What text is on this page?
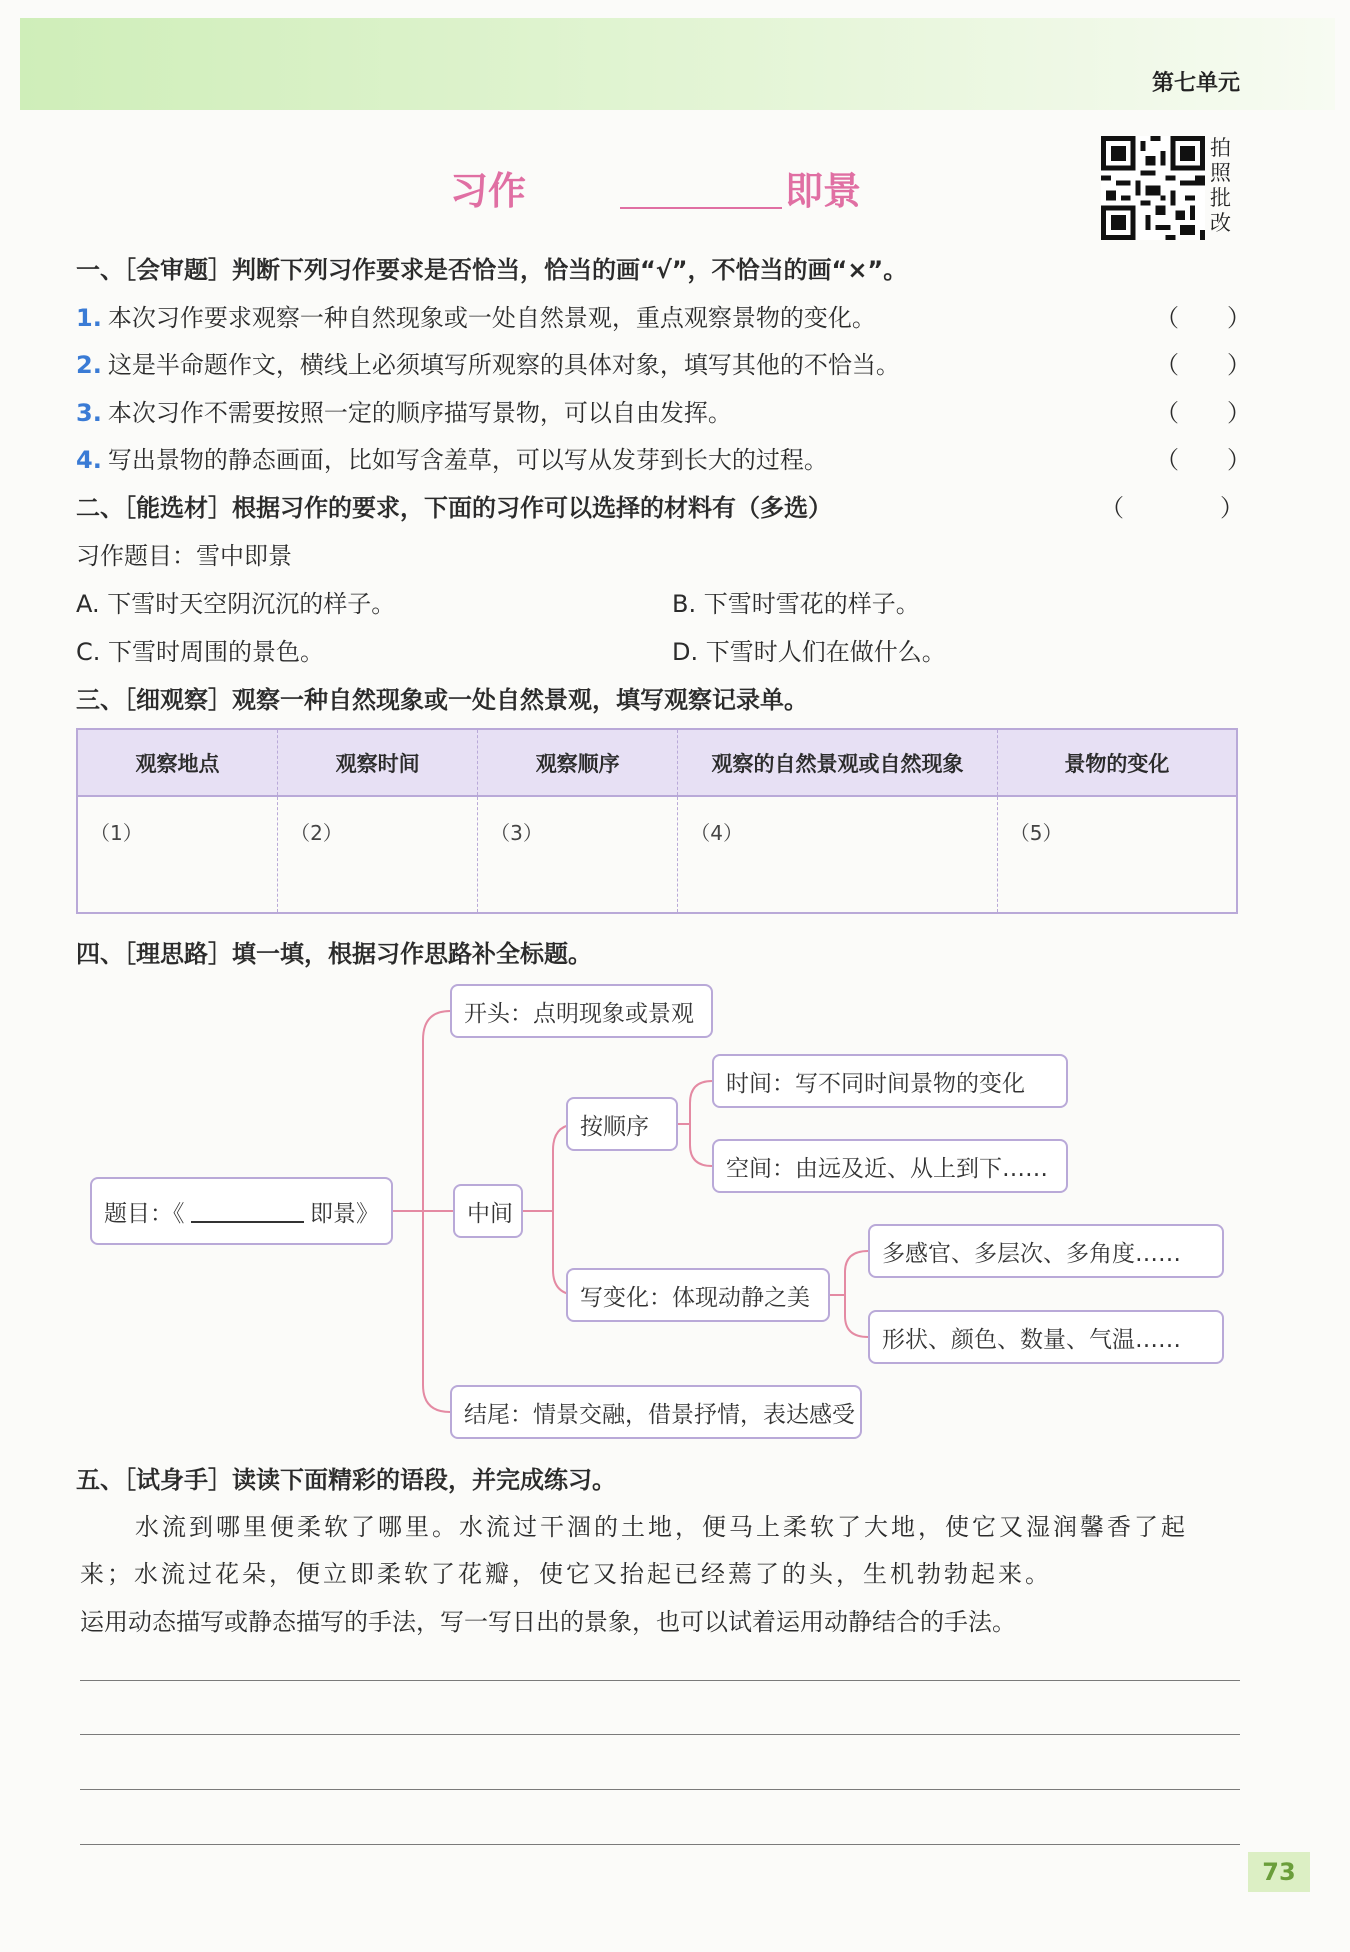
第七单元
习作	即景
拍照批改
一、［会审题］判断下列习作要求是否恰当，恰当的画“√”，不恰当的画“×”。
1. 本次习作要求观察一种自然现象或一处自然景观，重点观察景物的变化。	（　　）
2. 这是半命题作文，横线上必须填写所观察的具体对象，填写其他的不恰当。	（　　）
3. 本次习作不需要按照一定的顺序描写景物，可以自由发挥。	（　　）
4. 写出景物的静态画面，比如写含羞草，可以写从发芽到长大的过程。	（　　）
二、［能选材］根据习作的要求，下面的习作可以选择的材料有（多选）	（　　　　）
习作题目：雪中即景
A. 下雪时天空阴沉沉的样子。	B. 下雪时雪花的样子。
C. 下雪时周围的景色。	D. 下雪时人们在做什么。
三、［细观察］观察一种自然现象或一处自然景观，填写观察记录单。
观察地点	观察时间	观察顺序	观察的自然景观或自然现象	景物的变化
（1）	（2）	（3）	（4）	（5）
四、［理思路］填一填，根据习作思路补全标题。
题目：《	即景》
开头：点明现象或景观
中间
按顺序
时间：写不同时间景物的变化
空间：由远及近、从上到下……
写变化：体现动静之美
多感官、多层次、多角度……
形状、颜色、数量、气温……
结尾：情景交融，借景抒情，表达感受
五、［试身手］读读下面精彩的语段，并完成练习。
水流到哪里便柔软了哪里。水流过干涸的土地，便马上柔软了大地，使它又湿润馨香了起
来；水流过花朵，便立即柔软了花瓣，使它又抬起已经蔫了的头，生机勃勃起来。
运用动态描写或静态描写的手法，写一写日出的景象，也可以试着运用动静结合的手法。
73
